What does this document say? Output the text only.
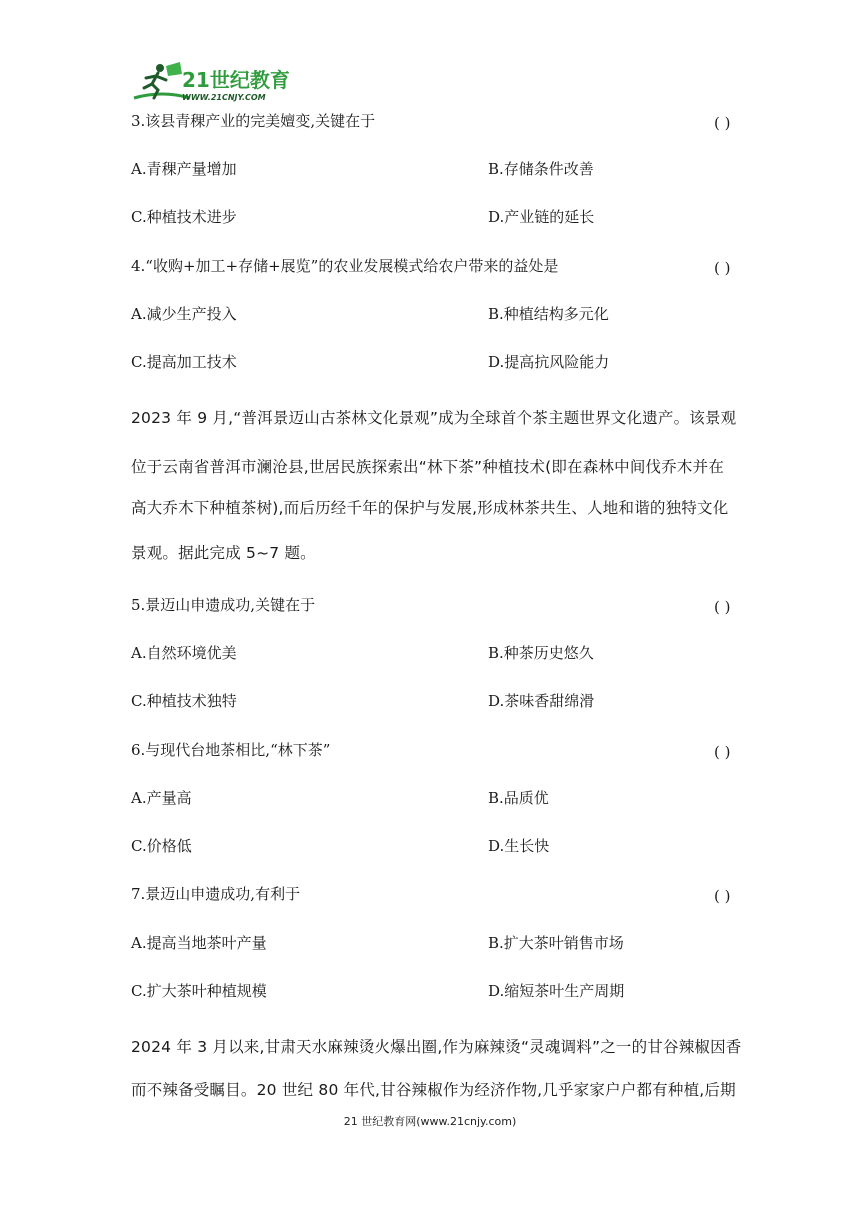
21世纪教育
WWW.21CNJY.COM
3.该县青稞产业的完美嬗变,关键在于	( )
A.青稞产量增加	B.存储条件改善
C.种植技术进步	D.产业链的延长
4.“收购+加工+存储+展览”的农业发展模式给农户带来的益处是	( )
A.减少生产投入	B.种植结构多元化
C.提高加工技术	D.提高抗风险能力
2023 年 9 月,“普洱景迈山古茶林文化景观”成为全球首个茶主题世界文化遗产。该景观
位于云南省普洱市澜沧县,世居民族探索出“林下茶”种植技术(即在森林中间伐乔木并在
高大乔木下种植茶树),而后历经千年的保护与发展,形成林茶共生、人地和谐的独特文化
景观。据此完成 5~7 题。
5.景迈山申遗成功,关键在于	( )
A.自然环境优美	B.种茶历史悠久
C.种植技术独特	D.茶味香甜绵滑
6.与现代台地茶相比,“林下茶”	( )
A.产量高	B.品质优
C.价格低	D.生长快
7.景迈山申遗成功,有利于	( )
A.提高当地茶叶产量	B.扩大茶叶销售市场
C.扩大茶叶种植规模	D.缩短茶叶生产周期
2024 年 3 月以来,甘肃天水麻辣烫火爆出圈,作为麻辣烫“灵魂调料”之一的甘谷辣椒因香
而不辣备受瞩目。20 世纪 80 年代,甘谷辣椒作为经济作物,几乎家家户户都有种植,后期
21 世纪教育网(www.21cnjy.com)
